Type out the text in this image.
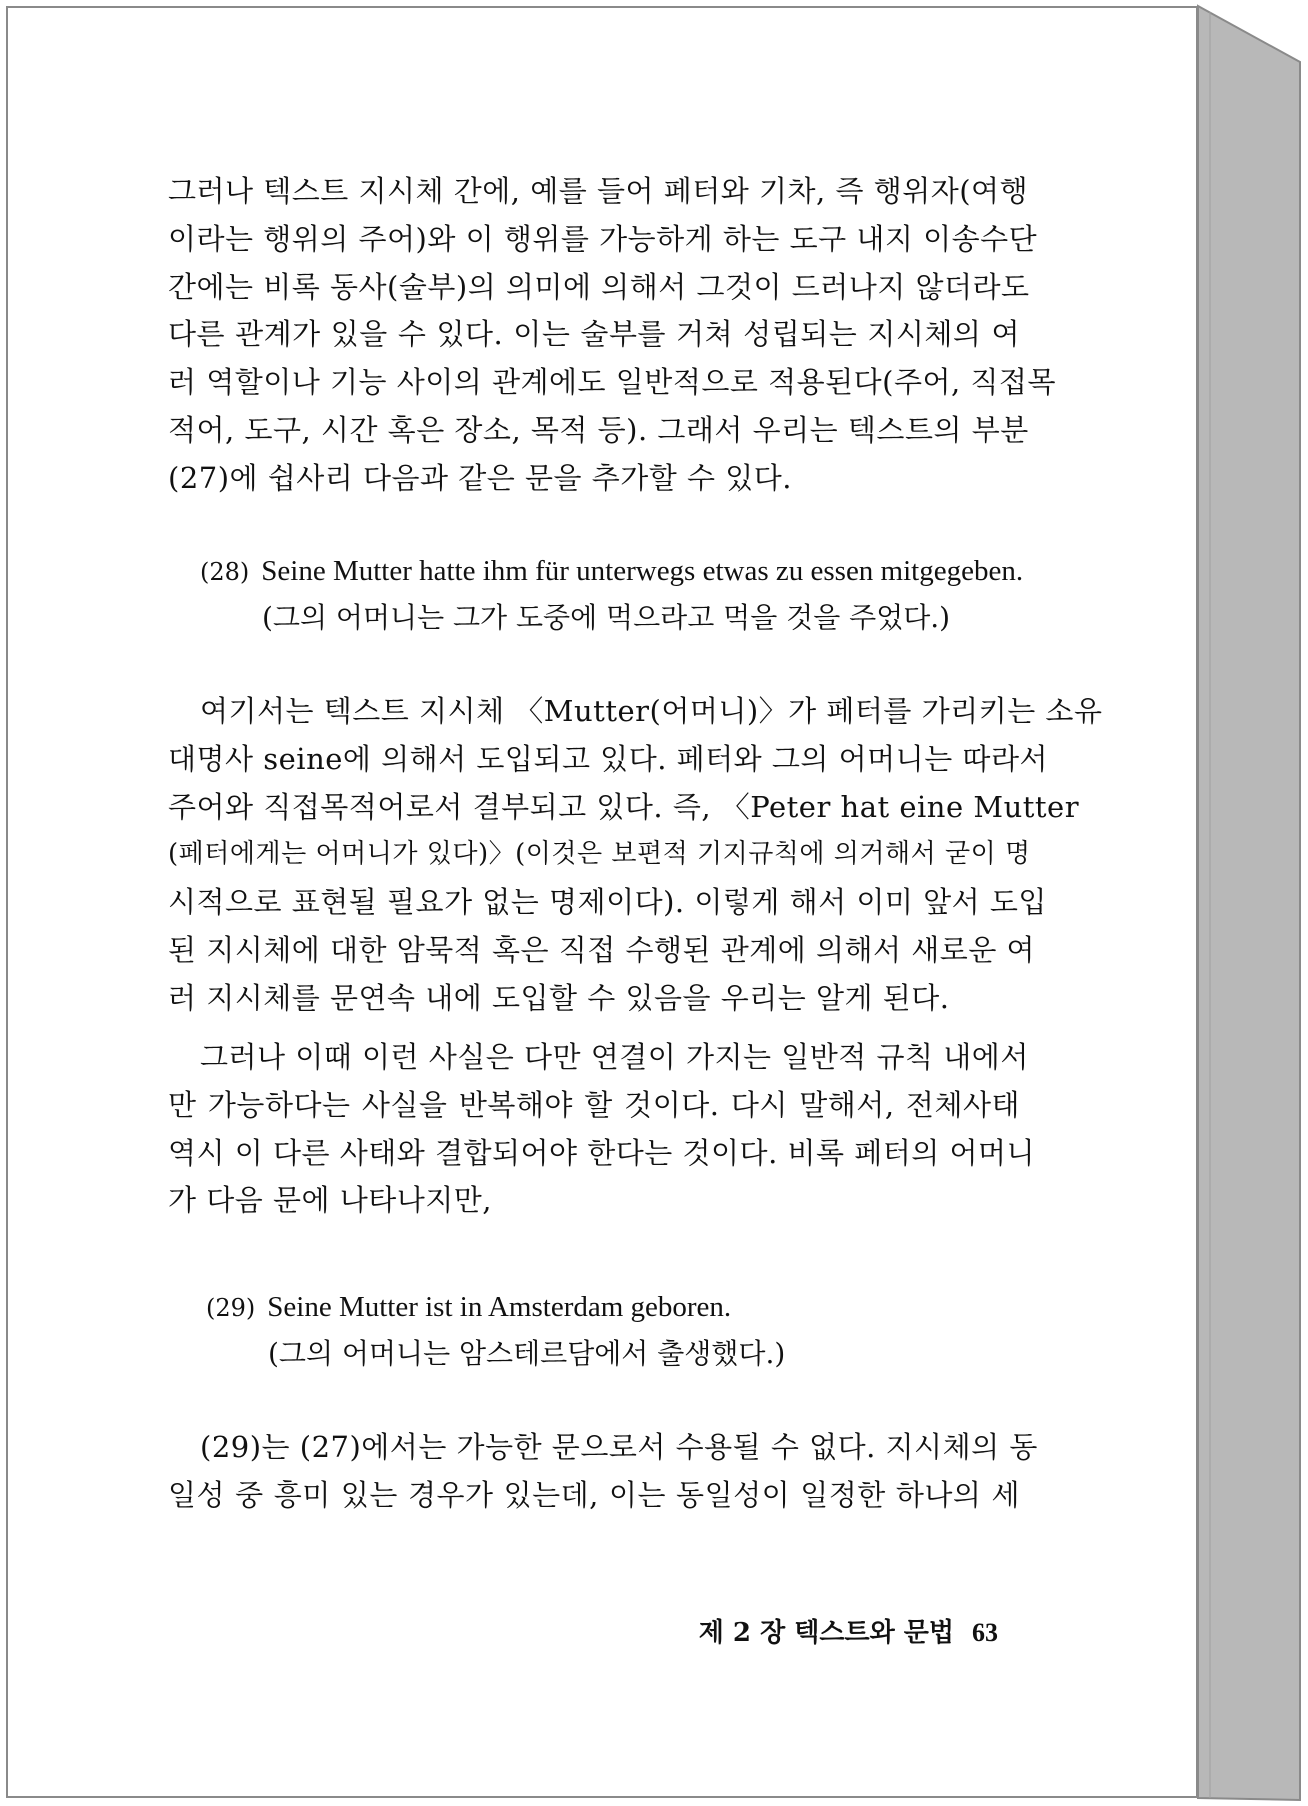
그러나 텍스트 지시체 간에, 예를 들어 페터와 기차, 즉 행위자(여행
이라는 행위의 주어)와 이 행위를 가능하게 하는 도구 내지 이송수단
간에는 비록 동사(술부)의 의미에 의해서 그것이 드러나지 않더라도
다른 관계가 있을 수 있다. 이는 술부를 거쳐 성립되는 지시체의 여
러 역할이나 기능 사이의 관계에도 일반적으로 적용된다(주어, 직접목
적어, 도구, 시간 혹은 장소, 목적 등). 그래서 우리는 텍스트의 부분
(27)에 쉽사리 다음과 같은 문을 추가할 수 있다.
(28) Seine Mutter hatte ihm für unterwegs etwas zu essen mitgegeben.
(그의 어머니는 그가 도중에 먹으라고 먹을 것을 주었다.)
여기서는 텍스트 지시체 〈Mutter(어머니)〉가 페터를 가리키는 소유
대명사 seine에 의해서 도입되고 있다. 페터와 그의 어머니는 따라서
주어와 직접목적어로서 결부되고 있다. 즉, 〈Peter hat eine Mutter
(페터에게는 어머니가 있다)〉(이것은 보편적 기지규칙에 의거해서 굳이 명
시적으로 표현될 필요가 없는 명제이다). 이렇게 해서 이미 앞서 도입
된 지시체에 대한 암묵적 혹은 직접 수행된 관계에 의해서 새로운 여
러 지시체를 문연속 내에 도입할 수 있음을 우리는 알게 된다.
그러나 이때 이런 사실은 다만 연결이 가지는 일반적 규칙 내에서
만 가능하다는 사실을 반복해야 할 것이다. 다시 말해서, 전체사태
역시 이 다른 사태와 결합되어야 한다는 것이다. 비록 페터의 어머니
가 다음 문에 나타나지만,
(29) Seine Mutter ist in Amsterdam geboren.
(그의 어머니는 암스테르담에서 출생했다.)
(29)는 (27)에서는 가능한 문으로서 수용될 수 없다. 지시체의 동
일성 중 흥미 있는 경우가 있는데, 이는 동일성이 일정한 하나의 세
제 2 장 텍스트와 문법 63
